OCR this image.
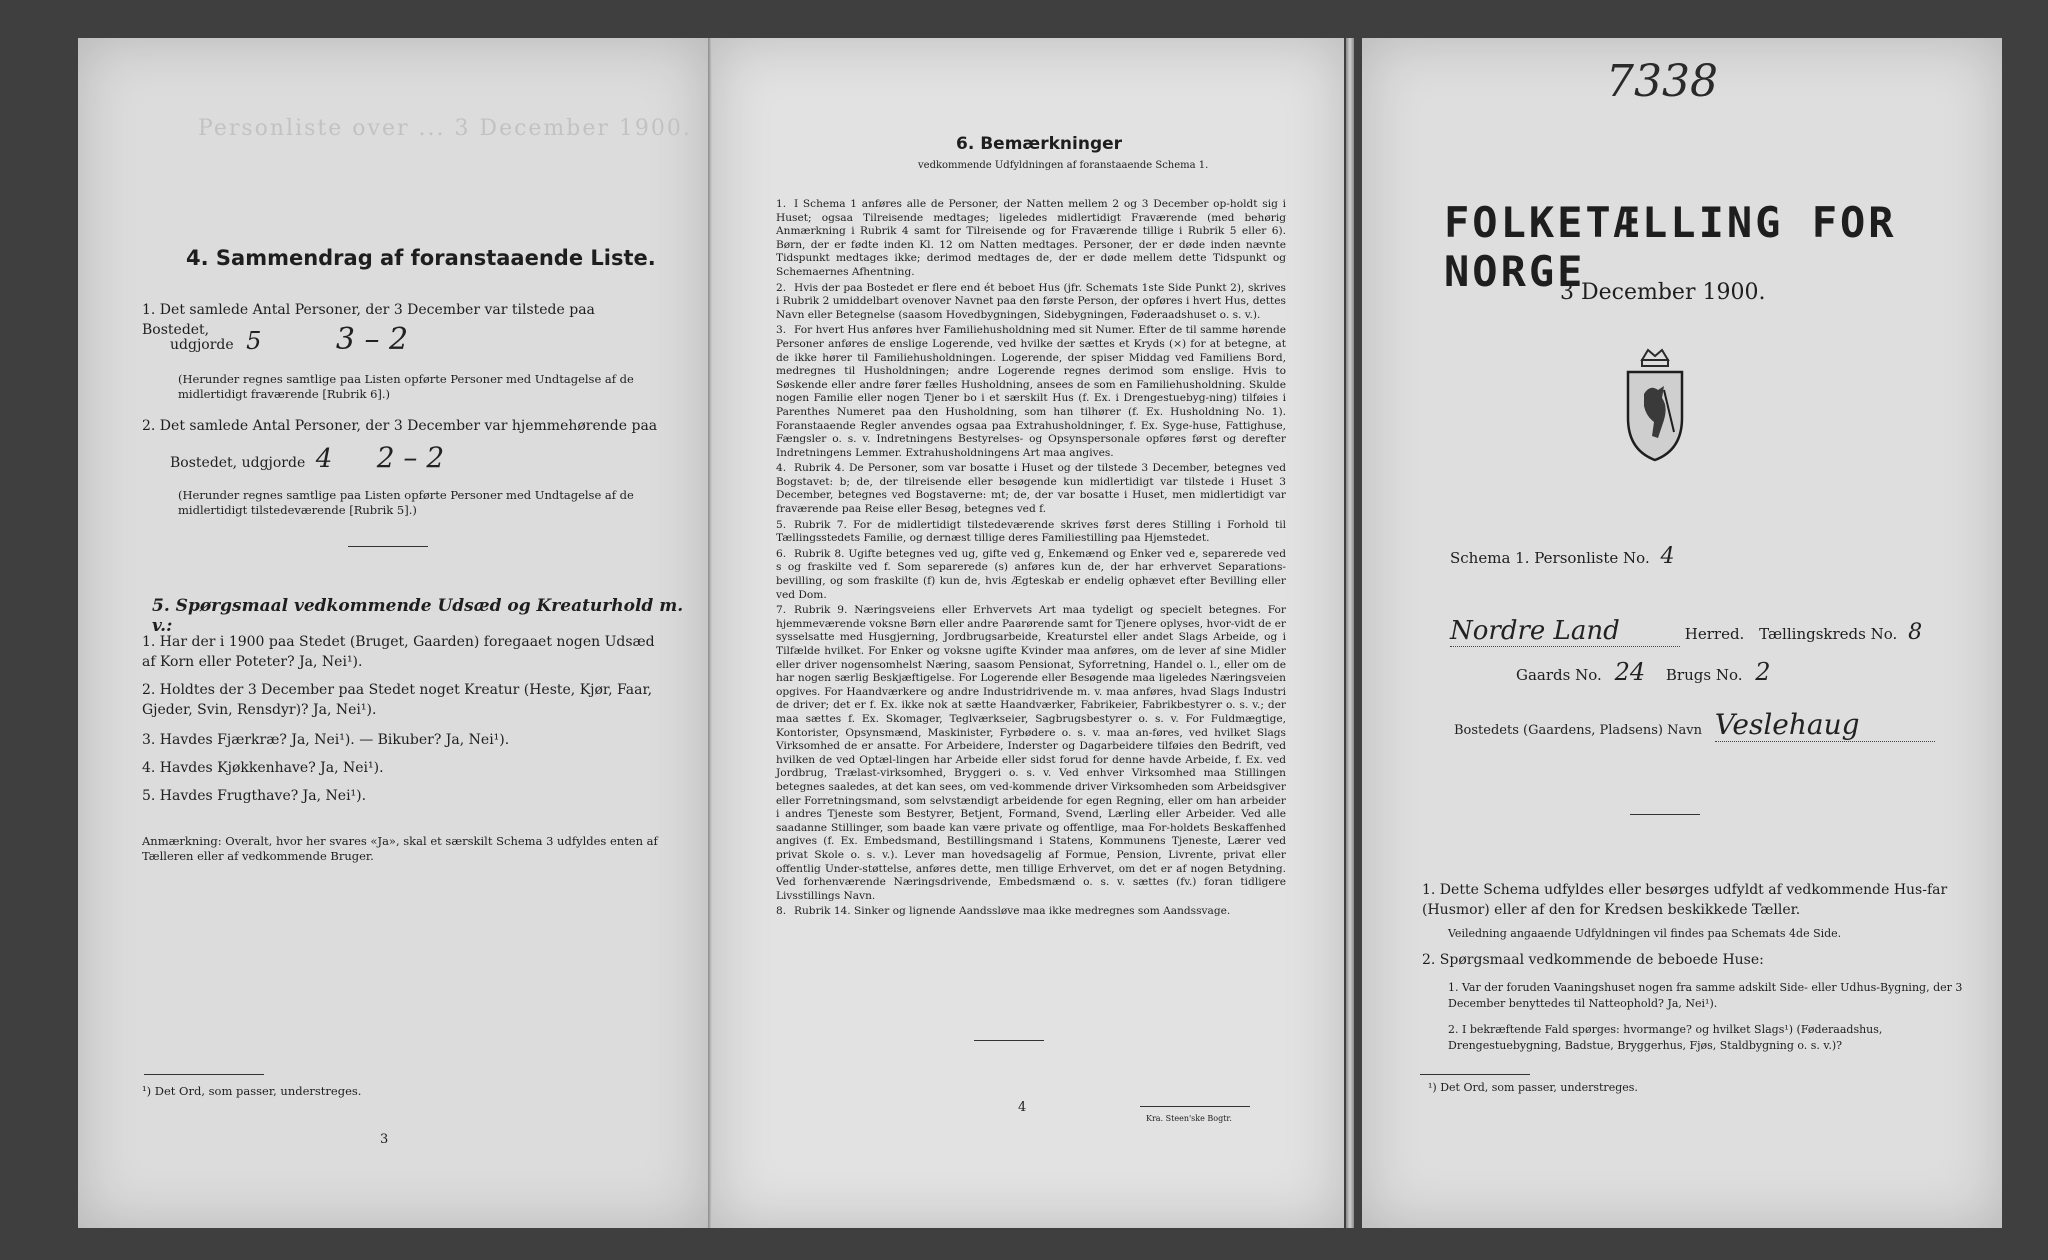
Personliste over ... 3 December 1900.
4. Sammendrag af foranstaaende Liste.
1. Det samlede Antal Personer, der 3 December var tilstede paa Bostedet,
udgjorde 5 3 – 2
(Herunder regnes samtlige paa Listen opførte Personer med Undtagelse af de midlertidigt fraværende [Rubrik 6].)
2. Det samlede Antal Personer, der 3 December var hjemmehørende paa
Bostedet, udgjorde 4 2 – 2
(Herunder regnes samtlige paa Listen opførte Personer med Undtagelse af de midlertidigt tilstedeværende [Rubrik 5].)
5. Spørgsmaal vedkommende Udsæd og Kreaturhold m. v.:
1. Har der i 1900 paa Stedet (Bruget, Gaarden) foregaaet nogen Udsæd af Korn eller Poteter? Ja, Nei¹).
2. Holdtes der 3 December paa Stedet noget Kreatur (Heste, Kjør, Faar, Gjeder, Svin, Rensdyr)? Ja, Nei¹).
3. Havdes Fjærkræ? Ja, Nei¹). — Bikuber? Ja, Nei¹).
4. Havdes Kjøkkenhave? Ja, Nei¹).
5. Havdes Frugthave? Ja, Nei¹).
Anmærkning: Overalt, hvor her svares «Ja», skal et særskilt Schema 3 udfyldes enten af Tælleren eller af vedkommende Bruger.
¹) Det Ord, som passer, understreges.
3
6. Bemærkninger
vedkommende Udfyldningen af foranstaaende Schema 1.
1. I Schema 1 anføres alle de Personer, der Natten mellem 2 og 3 December op-holdt sig i Huset; ogsaa Tilreisende medtages; ligeledes midlertidigt Fraværende (med behørig Anmærkning i Rubrik 4 samt for Tilreisende og for Fraværende tillige i Rubrik 5 eller 6). Børn, der er fødte inden Kl. 12 om Natten medtages. Personer, der er døde inden nævnte Tidspunkt medtages ikke; derimod medtages de, der er døde mellem dette Tidspunkt og Schemaernes Afhentning.
2. Hvis der paa Bostedet er flere end ét beboet Hus (jfr. Schemats 1ste Side Punkt 2), skrives i Rubrik 2 umiddelbart ovenover Navnet paa den første Person, der opføres i hvert Hus, dettes Navn eller Betegnelse (saasom Hovedbygningen, Sidebygningen, Føderaadshuset o. s. v.).
3. For hvert Hus anføres hver Familiehusholdning med sit Numer. Efter de til samme hørende Personer anføres de enslige Logerende, ved hvilke der sættes et Kryds (×) for at betegne, at de ikke hører til Familiehusholdningen. Logerende, der spiser Middag ved Familiens Bord, medregnes til Husholdningen; andre Logerende regnes derimod som enslige. Hvis to Søskende eller andre fører fælles Husholdning, ansees de som en Familiehusholdning. Skulde nogen Familie eller nogen Tjener bo i et særskilt Hus (f. Ex. i Drengestuebyg-ning) tilføies i Parenthes Numeret paa den Husholdning, som han tilhører (f. Ex. Husholdning No. 1). Foranstaaende Regler anvendes ogsaa paa Extrahusholdninger, f. Ex. Syge-huse, Fattighuse, Fængsler o. s. v. Indretningens Bestyrelses- og Opsynspersonale opføres først og derefter Indretningens Lemmer. Extrahusholdningens Art maa angives.
4. Rubrik 4. De Personer, som var bosatte i Huset og der tilstede 3 December, betegnes ved Bogstavet: b; de, der tilreisende eller besøgende kun midlertidigt var tilstede i Huset 3 December, betegnes ved Bogstaverne: mt; de, der var bosatte i Huset, men midlertidigt var fraværende paa Reise eller Besøg, betegnes ved f.
5. Rubrik 7. For de midlertidigt tilstedeværende skrives først deres Stilling i Forhold til Tællingsstedets Familie, og dernæst tillige deres Familiestilling paa Hjemstedet.
6. Rubrik 8. Ugifte betegnes ved ug, gifte ved g, Enkemænd og Enker ved e, separerede ved s og fraskilte ved f. Som separerede (s) anføres kun de, der har erhvervet Separations-bevilling, og som fraskilte (f) kun de, hvis Ægteskab er endelig ophævet efter Bevilling eller ved Dom.
7. Rubrik 9. Næringsveiens eller Erhvervets Art maa tydeligt og specielt betegnes. For hjemmeværende voksne Børn eller andre Paarørende samt for Tjenere oplyses, hvor-vidt de er sysselsatte med Husgjerning, Jordbrugsarbeide, Kreaturstel eller andet Slags Arbeide, og i Tilfælde hvilket. For Enker og voksne ugifte Kvinder maa anføres, om de lever af sine Midler eller driver nogensomhelst Næring, saasom Pensionat, Syforretning, Handel o. l., eller om de har nogen særlig Beskjæftigelse. For Logerende eller Besøgende maa ligeledes Næringsveien opgives. For Haandværkere og andre Industridrivende m. v. maa anføres, hvad Slags Industri de driver; det er f. Ex. ikke nok at sætte Haandværker, Fabrikeier, Fabrikbestyrer o. s. v.; der maa sættes f. Ex. Skomager, Teglværkseier, Sagbrugsbestyrer o. s. v. For Fuldmægtige, Kontorister, Opsynsmænd, Maskinister, Fyrbødere o. s. v. maa an-føres, ved hvilket Slags Virksomhed de er ansatte. For Arbeidere, Inderster og Dagarbeidere tilføies den Bedrift, ved hvilken de ved Optæl-lingen har Arbeide eller sidst forud for denne havde Arbeide, f. Ex. ved Jordbrug, Trælast-virksomhed, Bryggeri o. s. v. Ved enhver Virksomhed maa Stillingen betegnes saaledes, at det kan sees, om ved-kommende driver Virksomheden som Arbeidsgiver eller Forretningsmand, som selvstændigt arbeidende for egen Regning, eller om han arbeider i andres Tjeneste som Bestyrer, Betjent, Formand, Svend, Lærling eller Arbeider. Ved alle saadanne Stillinger, som baade kan være private og offentlige, maa For-holdets Beskaffenhed angives (f. Ex. Embedsmand, Bestillingsmand i Statens, Kommunens Tjeneste, Lærer ved privat Skole o. s. v.). Lever man hovedsagelig af Formue, Pension, Livrente, privat eller offentlig Under-støttelse, anføres dette, men tillige Erhvervet, om det er af nogen Betydning. Ved forhenværende Næringsdrivende, Embedsmænd o. s. v. sættes (fv.) foran tidligere Livsstillings Navn.
8. Rubrik 14. Sinker og lignende Aandssløve maa ikke medregnes som Aandssvage.
4
Kra. Steen'ske Bogtr.
7338
FOLKETÆLLING FOR NORGE
3 December 1900.
Schema 1. Personliste No. 4
Nordre Land	Herred. Tællingskreds No. 8
Gaards No. 24 Brugs No. 2
Bostedets (Gaardens, Pladsens) Navn Veslehaug
1. Dette Schema udfyldes eller besørges udfyldt af vedkommende Hus-far (Husmor) eller af den for Kredsen beskikkede Tæller.
Veiledning angaaende Udfyldningen vil findes paa Schemats 4de Side.
2. Spørgsmaal vedkommende de beboede Huse:
1. Var der foruden Vaaningshuset nogen fra samme adskilt Side- eller Udhus-Bygning, der 3 December benyttedes til Natteophold? Ja, Nei¹).
2. I bekræftende Fald spørges: hvormange? og hvilket Slags¹) (Føderaadshus, Drengestuebygning, Badstue, Bryggerhus, Fjøs, Staldbygning o. s. v.)?
¹) Det Ord, som passer, understreges.
